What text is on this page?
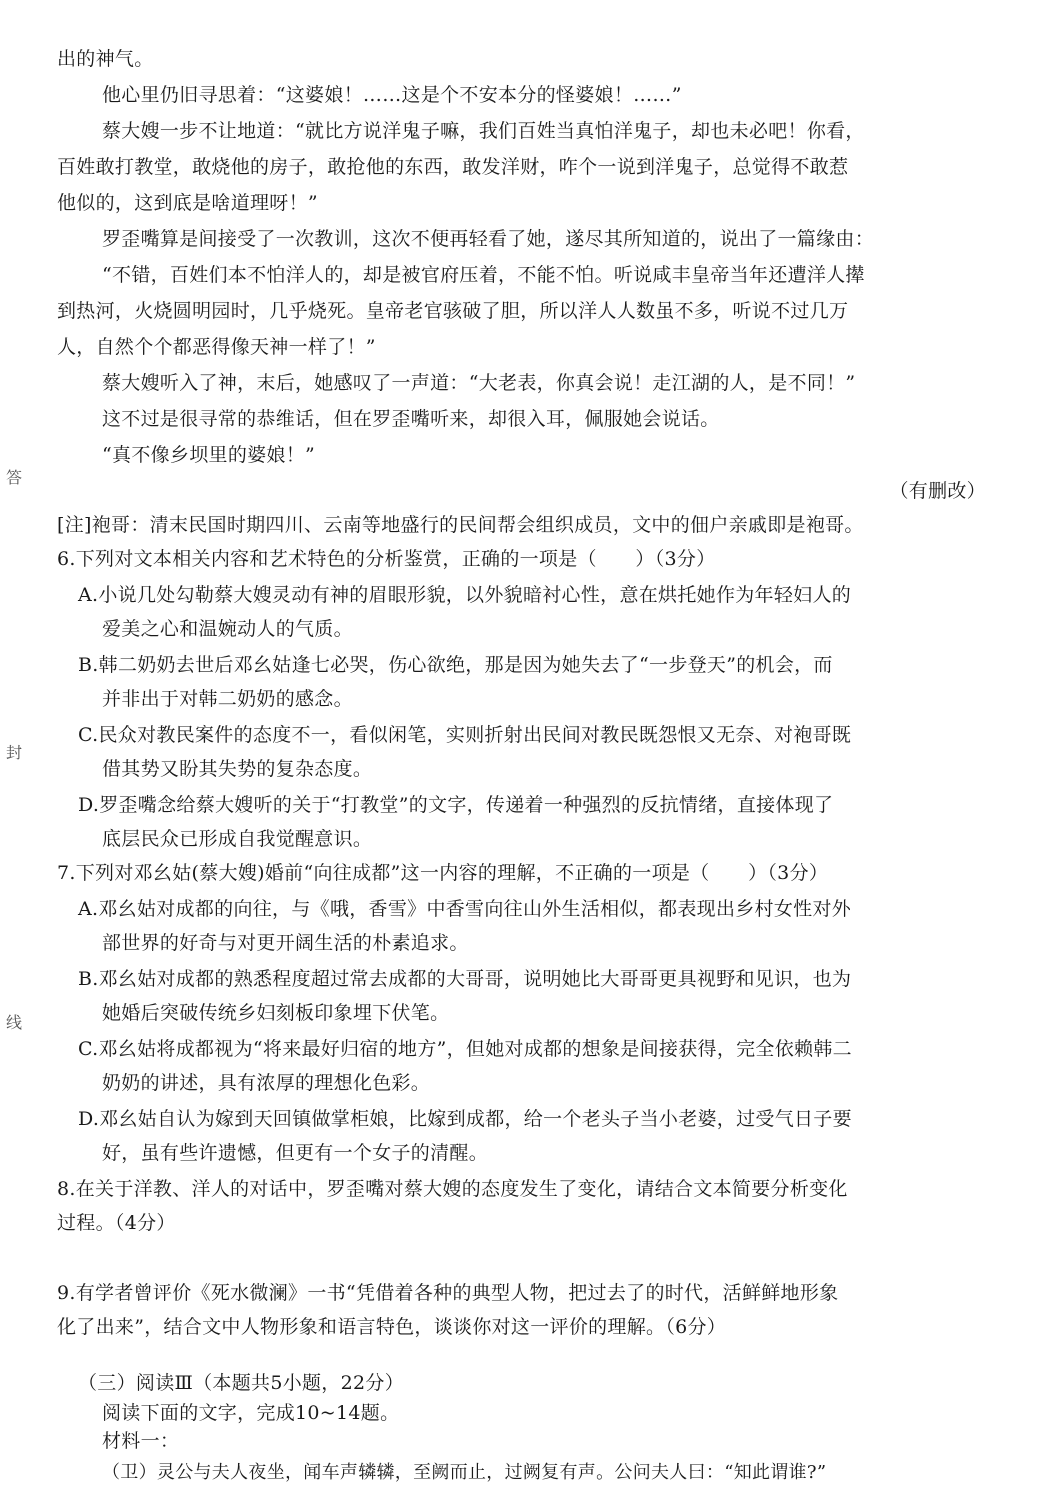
答
封
线
出的神气。
他心里仍旧寻思着：“这婆娘！……这是个不安本分的怪婆娘！……”
蔡大嫂一步不让地道：“就比方说洋鬼子嘛，我们百姓当真怕洋鬼子，却也未必吧！你看，
百姓敢打教堂，敢烧他的房子，敢抢他的东西，敢发洋财，咋个一说到洋鬼子，总觉得不敢惹
他似的，这到底是啥道理呀！”
罗歪嘴算是间接受了一次教训，这次不便再轻看了她，遂尽其所知道的，说出了一篇缘由：
“不错，百姓们本不怕洋人的，却是被官府压着，不能不怕。听说咸丰皇帝当年还遭洋人撵
到热河，火烧圆明园时，几乎烧死。皇帝老官骇破了胆，所以洋人人数虽不多，听说不过几万
人，自然个个都恶得像天神一样了！”
蔡大嫂听入了神，末后，她感叹了一声道：“大老表，你真会说！走江湖的人，是不同！”
这不过是很寻常的恭维话，但在罗歪嘴听来，却很入耳，佩服她会说话。
“真不像乡坝里的婆娘！”
（有删改）
[注]袍哥：清末民国时期四川、云南等地盛行的民间帮会组织成员，文中的佃户亲戚即是袍哥。
6.下列对文本相关内容和艺术特色的分析鉴赏，正确的一项是（　　）（3分）
A.小说几处勾勒蔡大嫂灵动有神的眉眼形貌，以外貌暗衬心性，意在烘托她作为年轻妇人的
爱美之心和温婉动人的气质。
B.韩二奶奶去世后邓幺姑逢七必哭，伤心欲绝，那是因为她失去了“一步登天”的机会，而
并非出于对韩二奶奶的感念。
C.民众对教民案件的态度不一，看似闲笔，实则折射出民间对教民既怨恨又无奈、对袍哥既
借其势又盼其失势的复杂态度。
D.罗歪嘴念给蔡大嫂听的关于“打教堂”的文字，传递着一种强烈的反抗情绪，直接体现了
底层民众已形成自我觉醒意识。
7.下列对邓幺姑(蔡大嫂)婚前“向往成都”这一内容的理解，不正确的一项是（　　）（3分）
A.邓幺姑对成都的向往，与《哦，香雪》中香雪向往山外生活相似，都表现出乡村女性对外
部世界的好奇与对更开阔生活的朴素追求。
B.邓幺姑对成都的熟悉程度超过常去成都的大哥哥，说明她比大哥哥更具视野和见识，也为
她婚后突破传统乡妇刻板印象埋下伏笔。
C.邓幺姑将成都视为“将来最好归宿的地方”，但她对成都的想象是间接获得，完全依赖韩二
奶奶的讲述，具有浓厚的理想化色彩。
D.邓幺姑自认为嫁到天回镇做掌柜娘，比嫁到成都，给一个老头子当小老婆，过受气日子要
好，虽有些许遗憾，但更有一个女子的清醒。
8.在关于洋教、洋人的对话中，罗歪嘴对蔡大嫂的态度发生了变化，请结合文本简要分析变化
过程。（4分）
9.有学者曾评价《死水微澜》一书“凭借着各种的典型人物，把过去了的时代，活鲜鲜地形象
化了出来”，结合文中人物形象和语言特色，谈谈你对这一评价的理解。（6分）
（三）阅读Ⅲ（本题共5小题，22分）
阅读下面的文字，完成10~14题。
材料一：
（卫）灵公与夫人夜坐，闻车声辚辚，至阙而止，过阙复有声。公问夫人曰：“知此谓谁?”
